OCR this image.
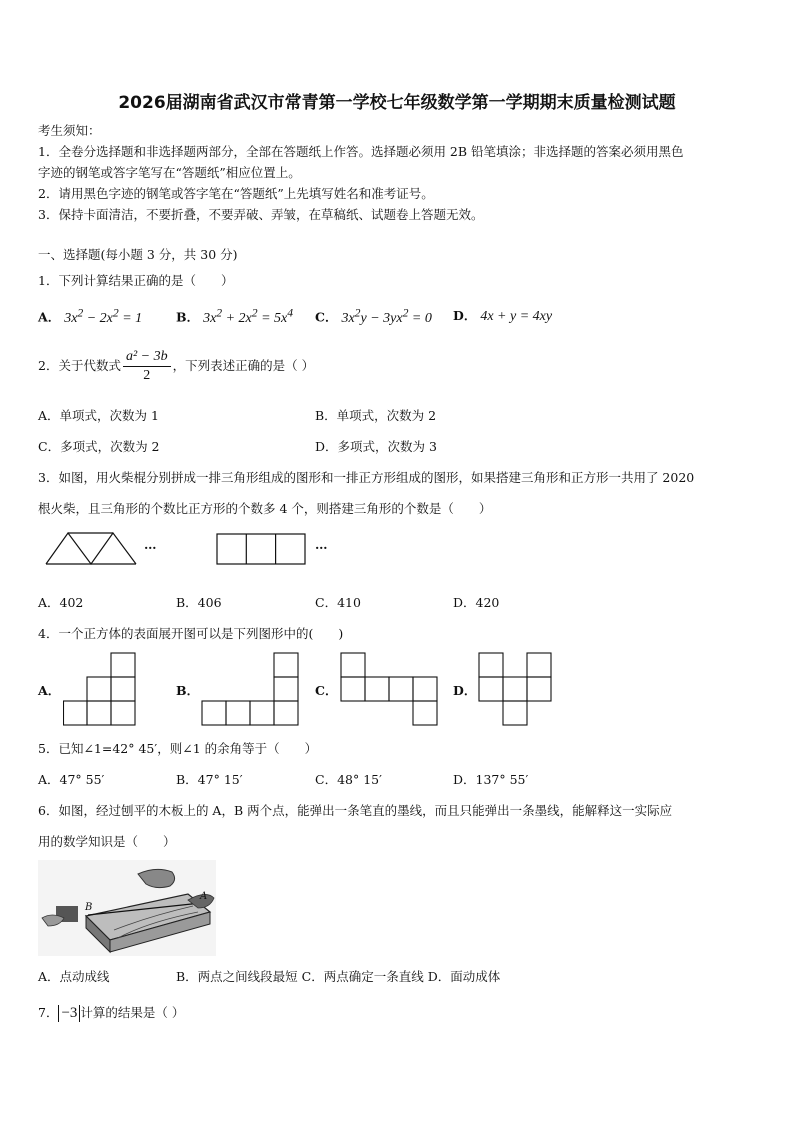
2026届湖南省武汉市常青第一学校七年级数学第一学期期末质量检测试题
考生须知：
1．全卷分选择题和非选择题两部分，全部在答题纸上作答。选择题必须用 2B 铅笔填涂；非选择题的答案必须用黑色
字迹的钢笔或答字笔写在“答题纸”相应位置上。
2．请用黑色字迹的钢笔或答字笔在“答题纸”上先填写姓名和准考证号。
3．保持卡面清洁，不要折叠，不要弄破、弄皱，在草稿纸、试题卷上答题无效。
一、选择题(每小题 3 分，共 30 分)
1．下列计算结果正确的是（　　）
A． $3x^2 - 2x^2 = 1$	B． $3x^2 + 2x^2 = 5x^4$ C． $3x^2y - 3yx^2 = 0$ D． 4x + y = 4xy
2．关于代数式 $\frac{\text{a² − 3b}}{2}$ ，下列表述正确的是（ ）
A．单项式，次数为 1	B．单项式，次数为 2
C．多项式，次数为 2	D．多项式，次数为 3
3．如图，用火柴棍分别拼成一排三角形组成的图形和一排正方形组成的图形，如果搭建三角形和正方形一共用了 2020
根火柴，且三角形的个数比正方形的个数多 4 个，则搭建三角形的个数是（　　）
…	…
A．402	B．406	C．410	D．420
4．一个正方体的表面展开图可以是下列图形中的(　　)
A．	B．	C．	D．
5．已知∠1=42° 45′，则∠1 的余角等于（　　）
A．47° 55′	B．47° 15′	C．48° 15′	D．137° 55′
6．如图，经过刨平的木板上的 A，B 两个点，能弹出一条笔直的墨线，而且只能弹出一条墨线，能解释这一实际应
用的数学知识是（　　）
B
A
A．点动成线	B．两点之间线段最短 C．两点确定一条直线 D．面动成体
7． −3 计算的结果是（ ）
